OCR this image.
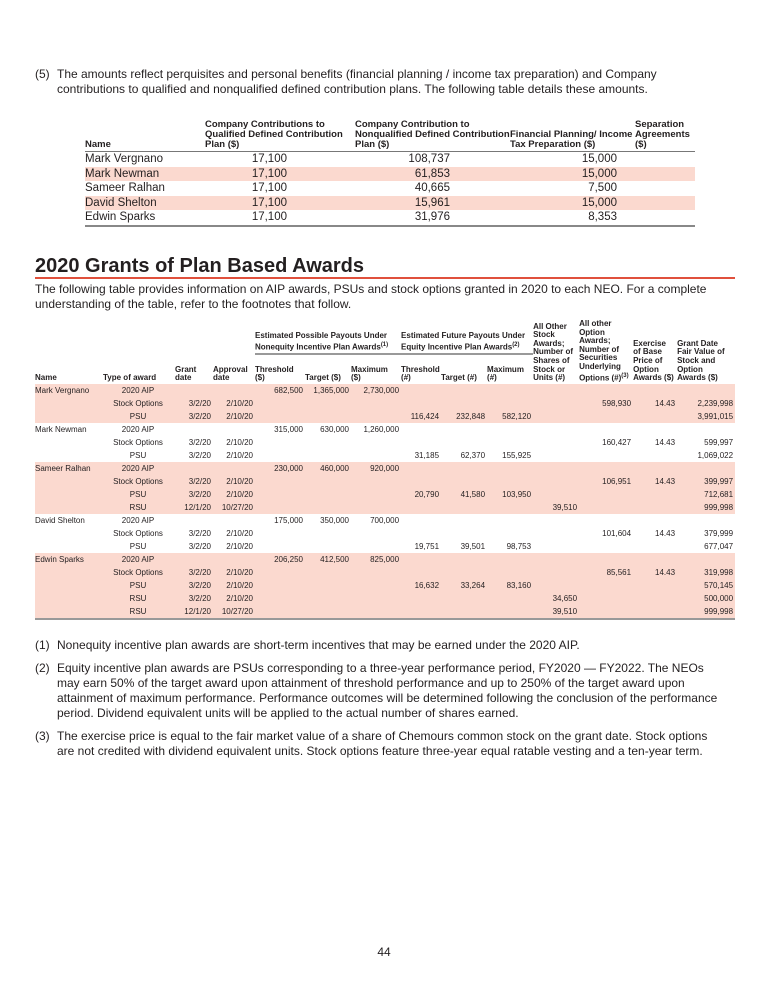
(5) The amounts reflect perquisites and personal benefits (financial planning / income tax preparation) and Company contributions to qualified and nonqualified defined contribution plans. The following table details these amounts.
Name	Company Contributions to Qualified Defined Contribution Plan ($)	Company Contribution to Nonqualified Defined Contribution Plan ($)	Financial Planning/ Income Tax Preparation ($)	Separation Agreements ($)
Mark Vergnano	17,100	108,737	15,000	
Mark Newman	17,100	61,853	15,000	
Sameer Ralhan	17,100	40,665	7,500	
David Shelton	17,100	15,961	15,000	
Edwin Sparks	17,100	31,976	8,353	
2020 Grants of Plan Based Awards
The following table provides information on AIP awards, PSUs and stock options granted in 2020 to each NEO. For a complete understanding of the table, refer to the footnotes that follow.
				Estimated Possible Payouts Under Nonequity Incentive Plan Awards$^{(1)}$			Estimated Future Payouts Under Equity Incentive Plan Awards$^{(2)}$			All Other Stock Awards; Number of Shares of Stock or Units (#)	All other Option Awards; Number of Securities Underlying Options (#)$^{(3)}$	Exercise of Base Price of Option Awards ($)	Grant Date Fair Value of Stock and Option Awards ($)
Name	Type of award	Grant date	Approval date	Threshold ($)	Target ($)	Maximum ($)	Threshold (#)	Target (#)	Maximum (#)				
Mark Vergnano	2020 AIP			682,500	1,365,000	2,730,000							
	Stock Options	3/2/20	2/10/20								598,930	14.43	2,239,998
	PSU	3/2/20	2/10/20				116,424	232,848	582,120				3,991,015
Mark Newman	2020 AIP			315,000	630,000	1,260,000							
	Stock Options	3/2/20	2/10/20								160,427	14.43	599,997
	PSU	3/2/20	2/10/20				31,185	62,370	155,925				1,069,022
Sameer Ralhan	2020 AIP			230,000	460,000	920,000							
	Stock Options	3/2/20	2/10/20								106,951	14.43	399,997
	PSU	3/2/20	2/10/20				20,790	41,580	103,950				712,681
	RSU	12/1/20	10/27/20							39,510			999,998
David Shelton	2020 AIP			175,000	350,000	700,000							
	Stock Options	3/2/20	2/10/20								101,604	14.43	379,999
	PSU	3/2/20	2/10/20				19,751	39,501	98,753				677,047
Edwin Sparks	2020 AIP			206,250	412,500	825,000							
	Stock Options	3/2/20	2/10/20								85,561	14.43	319,998
	PSU	3/2/20	2/10/20				16,632	33,264	83,160				570,145
	RSU	3/2/20	2/10/20							34,650			500,000
	RSU	12/1/20	10/27/20							39,510			999,998
(1) Nonequity incentive plan awards are short-term incentives that may be earned under the 2020 AIP.
(2) Equity incentive plan awards are PSUs corresponding to a three-year performance period, FY2020 — FY2022. The NEOs may earn 50% of the target award upon attainment of threshold performance and up to 250% of the target award upon attainment of maximum performance. Performance outcomes will be determined following the conclusion of the performance period. Dividend equivalent units will be applied to the actual number of shares earned.
(3) The exercise price is equal to the fair market value of a share of Chemours common stock on the grant date. Stock options are not credited with dividend equivalent units. Stock options feature three-year equal ratable vesting and a ten-year term.
44
